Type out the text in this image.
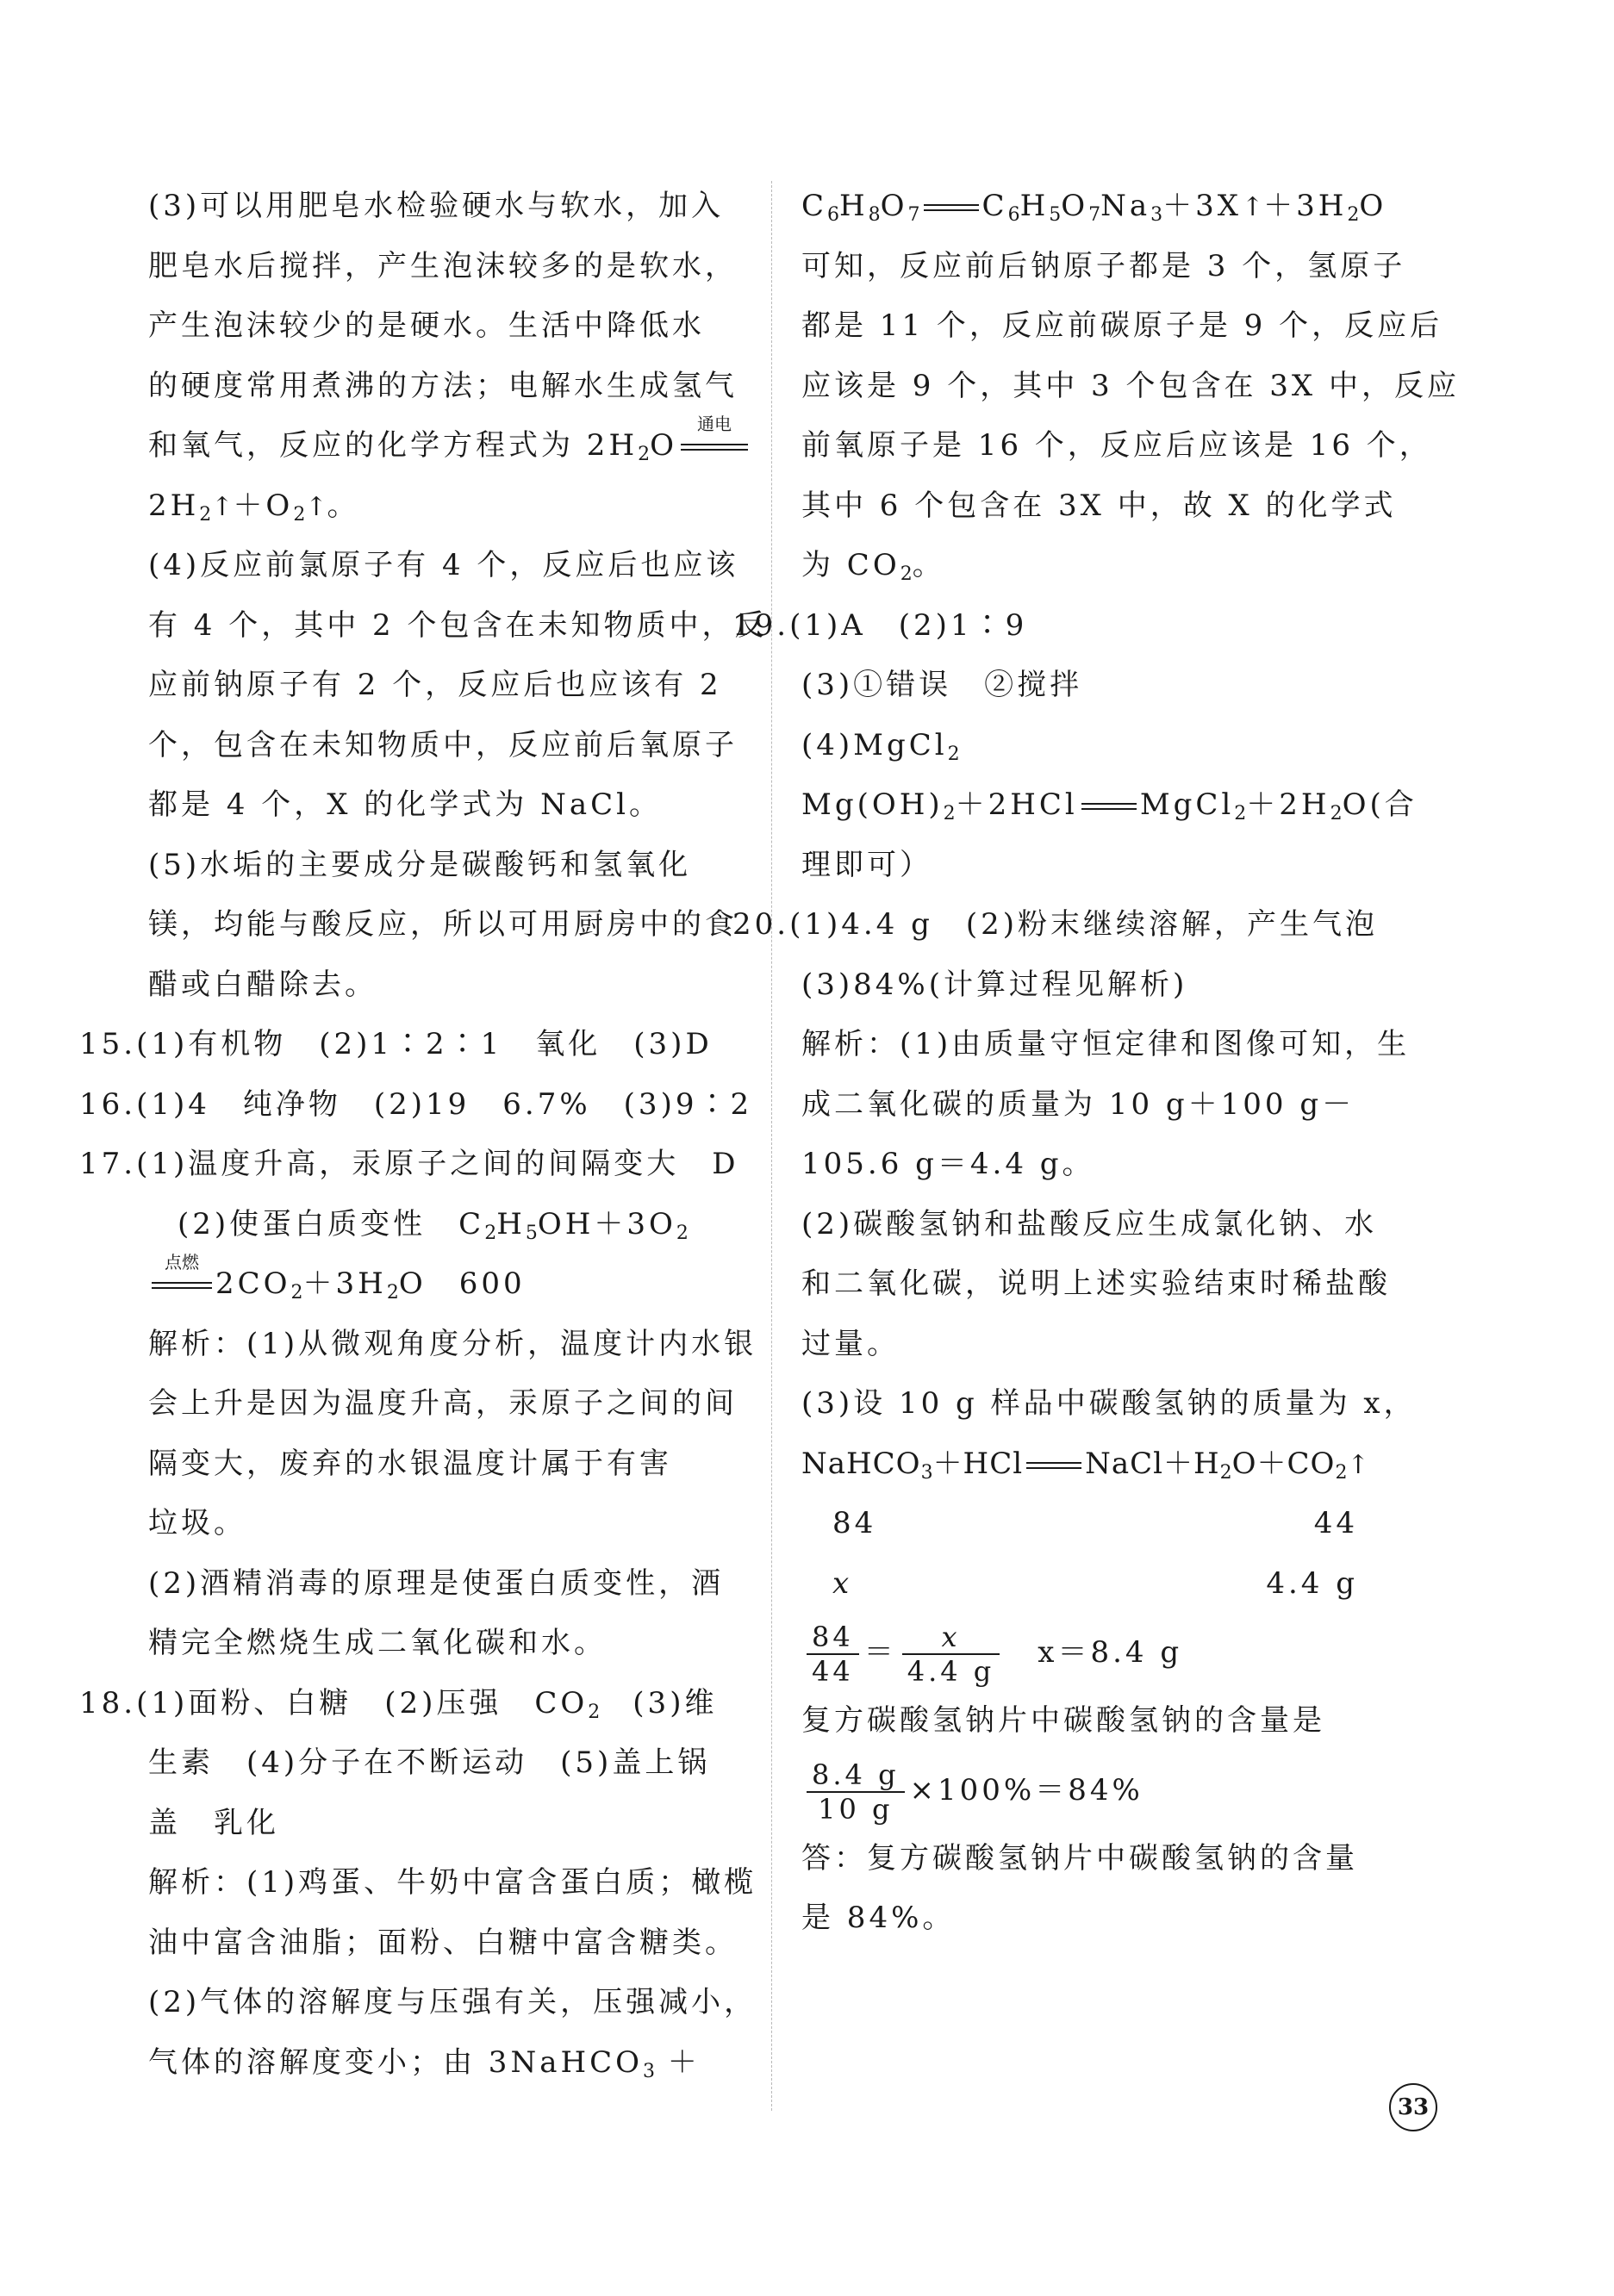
(3)可以用肥皂水检验硬水与软水，加入
肥皂水后搅拌，产生泡沫较多的是软水，
产生泡沫较少的是硬水。生活中降低水
的硬度常用煮沸的方法；电解水生成氢气
和氧气，反应的化学方程式为 $2H_2O$
通电
$2H_2↑+O_2↑$。
(4)反应前氯原子有 4 个，反应后也应该
有 4 个，其中 2 个包含在未知物质中，反
应前钠原子有 2 个，反应后也应该有 2
个，包含在未知物质中，反应前后氧原子
都是 4 个，X 的化学式为 NaCl。
(5)水垢的主要成分是碳酸钙和氢氧化
镁，均能与酸反应，所以可用厨房中的食
醋或白醋除去。
15.(1)有机物　(2)1∶2∶1　氧化　(3)D
16.(1)4　纯净物　(2)19　6.7%　(3)9∶2
17.(1)温度升高，汞原子之间的间隔变大　D
(2)使蛋白质变性　$C_2H_5OH+3O_2$
点燃
$2CO_2+3H_2O$　600
解析：(1)从微观角度分析，温度计内水银
会上升是因为温度升高，汞原子之间的间
隔变大，废弃的水银温度计属于有害
垃圾。
(2)酒精消毒的原理是使蛋白质变性，酒
精完全燃烧生成二氧化碳和水。
18.(1)面粉、白糖　(2)压强　$CO_2$　(3)维
生素　(4)分子在不断运动　(5)盖上锅
盖　乳化
解析：(1)鸡蛋、牛奶中富含蛋白质；橄榄
油中富含油脂；面粉、白糖中富含糖类。
(2)气体的溶解度与压强有关，压强减小，
气体的溶解度变小；由 3NaHCO$_3$ ＋
$C_6H_8O_7$ $C_6H_5O_7Na_3+3X↑+3H_2O$
可知，反应前后钠原子都是 3 个，氢原子
都是 11 个，反应前碳原子是 9 个，反应后
应该是 9 个，其中 3 个包含在 3X 中，反应
前氧原子是 16 个，反应后应该是 16 个，
其中 6 个包含在 3X 中，故 X 的化学式
为 $CO_2$。
19.(1)A　(2)1∶9
(3)①错误　②搅拌
(4)MgCl$_2$
$Mg(OH)_2+2HCl$ $MgCl_2+2H_2O$(合
理即可）
20.(1)4.4 g　(2)粉末继续溶解，产生气泡
(3)84%(计算过程见解析)
解析：(1)由质量守恒定律和图像可知，生
成二氧化碳的质量为 10 g＋100 g－
105.6 g＝4.4 g。
(2)碳酸氢钠和盐酸反应生成氯化钠、水
和二氧化碳，说明上述实验结束时稀盐酸
过量。
(3)设 10 g 样品中碳酸氢钠的质量为 x，
NaHCO$_3$＋HCl $NaCl+H_2O+CO_2↑$
84	44
x	4.4 g
$\frac{84}{44} = \frac{x}{4.4 g}$
　 x＝8.4 g
复方碳酸氢钠片中碳酸氢钠的含量是
$\frac{8.4 g}{10 g} \times 100\%=84\%$
答：复方碳酸氢钠片中碳酸氢钠的含量
是 84%。
33
